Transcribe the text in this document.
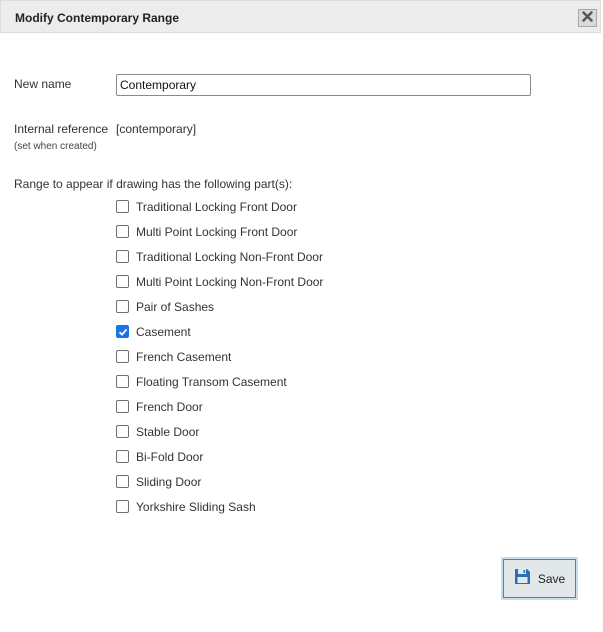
Modify Contemporary Range
New name
Contemporary
Internal reference [contemporary]
(set when created)
Range to appear if drawing has the following part(s):
Traditional Locking Front Door
Multi Point Locking Front Door
Traditional Locking Non-Front Door
Multi Point Locking Non-Front Door
Pair of Sashes
Casement
French Casement
Floating Transom Casement
French Door
Stable Door
Bi-Fold Door
Sliding Door
Yorkshire Sliding Sash
Save
